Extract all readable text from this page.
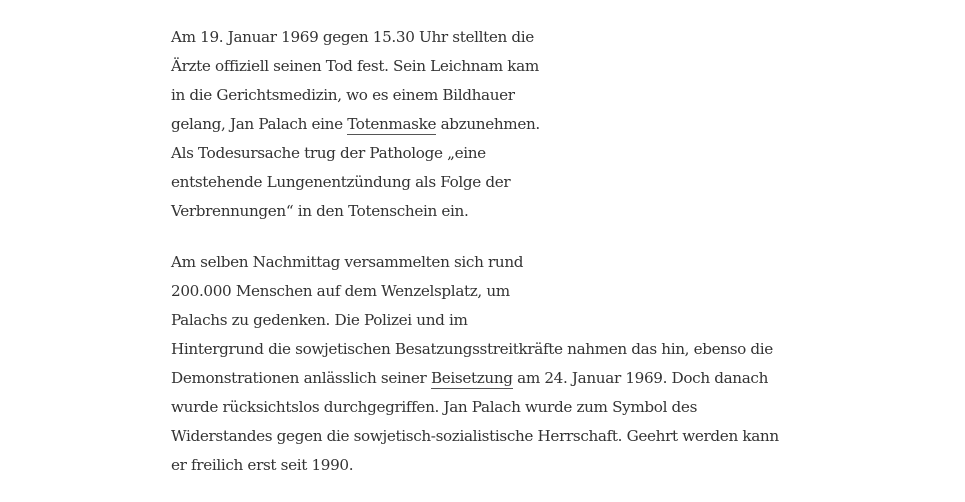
Am 19. Januar 1969 gegen 15.30 Uhr stellten die
Ärzte offiziell seinen Tod fest. Sein Leichnam kam
in die Gerichtsmedizin, wo es einem Bildhauer
gelang, Jan Palach eine Totenmaske abzunehmen.
Als Todesursache trug der Pathologe „eine
entstehende Lungenentzündung als Folge der
Verbrennungen“ in den Totenschein ein.
Am selben Nachmittag versammelten sich rund
200.000 Menschen auf dem Wenzelsplatz, um
Palachs zu gedenken. Die Polizei und im
Hintergrund die sowjetischen Besatzungsstreitkräfte nahmen das hin, ebenso die
Demonstrationen anlässlich seiner Beisetzung am 24. Januar 1969. Doch danach
wurde rücksichtslos durchgegriffen. Jan Palach wurde zum Symbol des
Widerstandes gegen die sowjetisch-sozialistische Herrschaft. Geehrt werden kann
er freilich erst seit 1990.
